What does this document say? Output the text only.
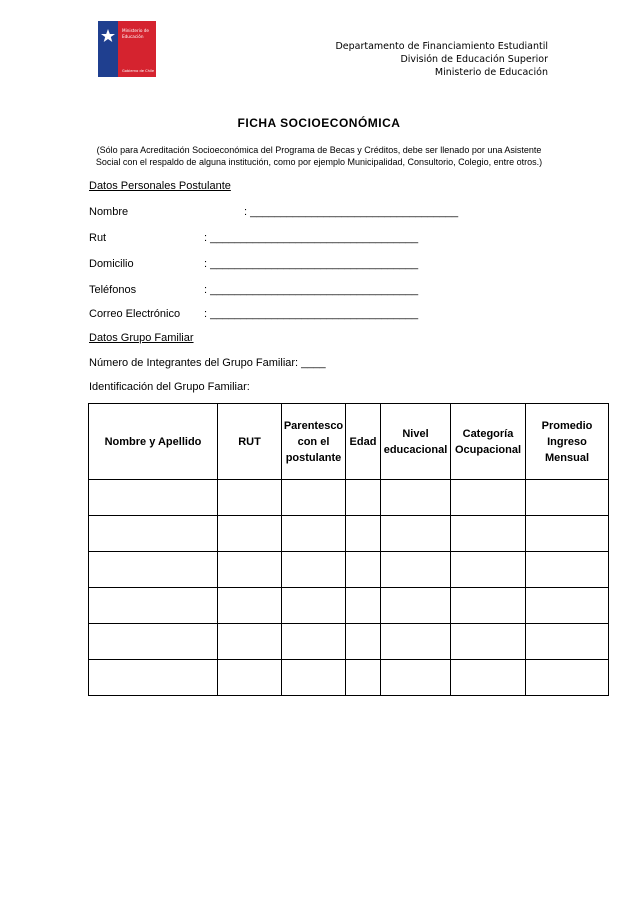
Ministerio de
Educación
Gobierno de Chile
Departamento de Financiamiento Estudiantil
División de Educación Superior
Ministerio de Educación
FICHA SOCIOECONÓMICA
(Sólo para Acreditación Socioeconómica del Programa de Becas y Créditos, debe ser llenado por una Asistente Social con el respaldo de alguna institución, como por ejemplo Municipalidad, Consultorio, Colegio, entre otros.)
Datos Personales Postulante
Nombre	: __________________________________
Rut	: __________________________________
Domicilio	: __________________________________
Teléfonos	: __________________________________
Correo Electrónico : __________________________________
Datos Grupo Familiar
Número de Integrantes del Grupo Familiar: ____
Identificación del Grupo Familiar:
Nombre y Apellido	RUT	Parentesco con el postulante	Edad	Nivel educacional	Categoría Ocupacional	Promedio Ingreso Mensual
